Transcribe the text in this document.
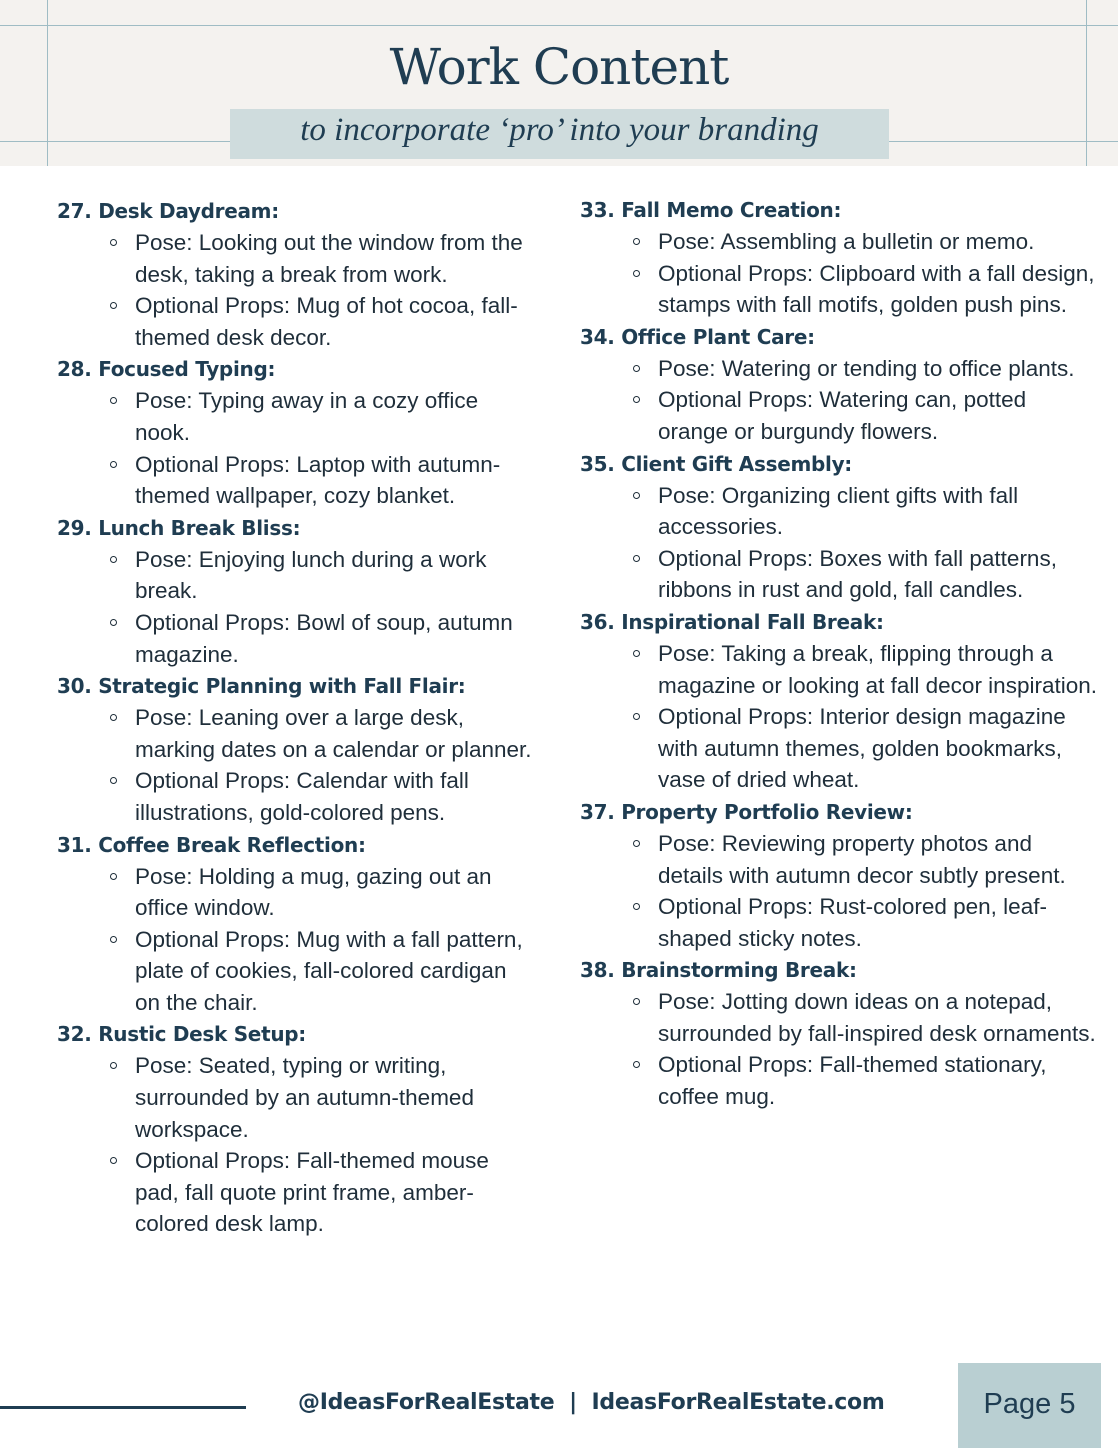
Work Content
to incorporate ‘pro’ into your branding

27. Desk Daydream:

Pose: Looking out the window from the desk, taking a break from work.
Optional Props: Mug of hot cocoa, fall-themed desk decor.

28. Focused Typing:

Pose: Typing away in a cozy office nook.
Optional Props: Laptop with autumn-themed wallpaper, cozy blanket.

29. Lunch Break Bliss:

Pose: Enjoying lunch during a work break.
Optional Props: Bowl of soup, autumn magazine.

30. Strategic Planning with Fall Flair:

Pose: Leaning over a large desk, marking dates on a calendar or planner.
Optional Props: Calendar with fall illustrations, gold-colored pens.

31. Coffee Break Reflection:

Pose: Holding a mug, gazing out an office window.
Optional Props: Mug with a fall pattern, plate of cookies, fall-colored cardigan on the chair.

32. Rustic Desk Setup:

Pose: Seated, typing or writing, surrounded by an autumn-themed workspace.
Optional Props: Fall-themed mouse pad, fall quote print frame, amber-colored desk lamp.

33. Fall Memo Creation:

Pose: Assembling a bulletin or memo.
Optional Props: Clipboard with a fall design, stamps with fall motifs, golden push pins.

34. Office Plant Care:

Pose: Watering or tending to office plants.
Optional Props: Watering can, potted orange or burgundy flowers.

35. Client Gift Assembly:

Pose: Organizing client gifts with fall accessories.
Optional Props: Boxes with fall patterns, ribbons in rust and gold, fall candles.

36. Inspirational Fall Break:

Pose: Taking a break, flipping through a magazine or looking at fall decor inspiration.
Optional Props: Interior design magazine with autumn themes, golden bookmarks, vase of dried wheat.

37. Property Portfolio Review:

Pose: Reviewing property photos and details with autumn decor subtly present.
Optional Props: Rust-colored pen, leaf-shaped sticky notes.

38. Brainstorming Break:

Pose: Jotting down ideas on a notepad, surrounded by fall-inspired desk ornaments.
Optional Props: Fall-themed stationary, coffee mug.
@IdeasForRealEstate  |  IdeasForRealEstate.com	Page 5
